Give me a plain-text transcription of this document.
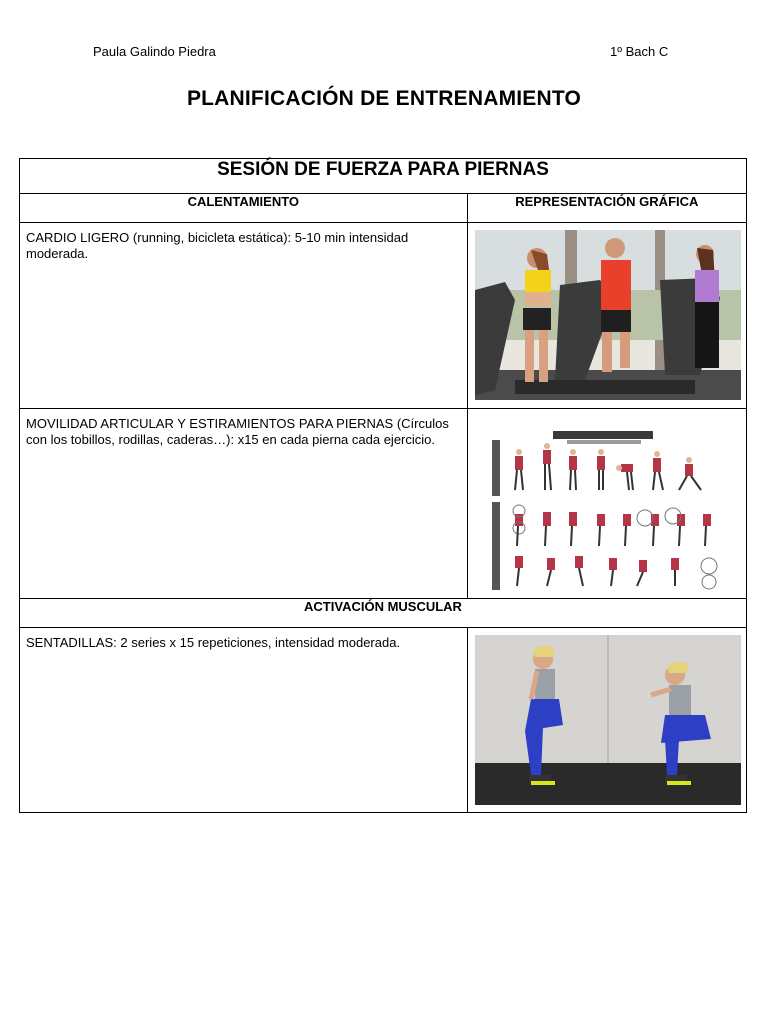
Paula Galindo Piedra	1º Bach C
PLANIFICACIÓN DE ENTRENAMIENTO
SESIÓN DE FUERZA PARA PIERNAS	
CALENTAMIENTO	REPRESENTACIÓN GRÁFICA
CARDIO LIGERO (running, bicicleta estática): 5-10 min intensidad moderada.	

MOVILIDAD ARTICULAR Y ESTIRAMIENTOS PARA PIERNAS (Círculos con los tobillos, rodillas, caderas…): x15 en cada pierna cada ejercicio.	

ACTIVACIÓN MUSCULAR	
SENTADILLAS: 2 series x 15 repeticiones, intensidad moderada.	
